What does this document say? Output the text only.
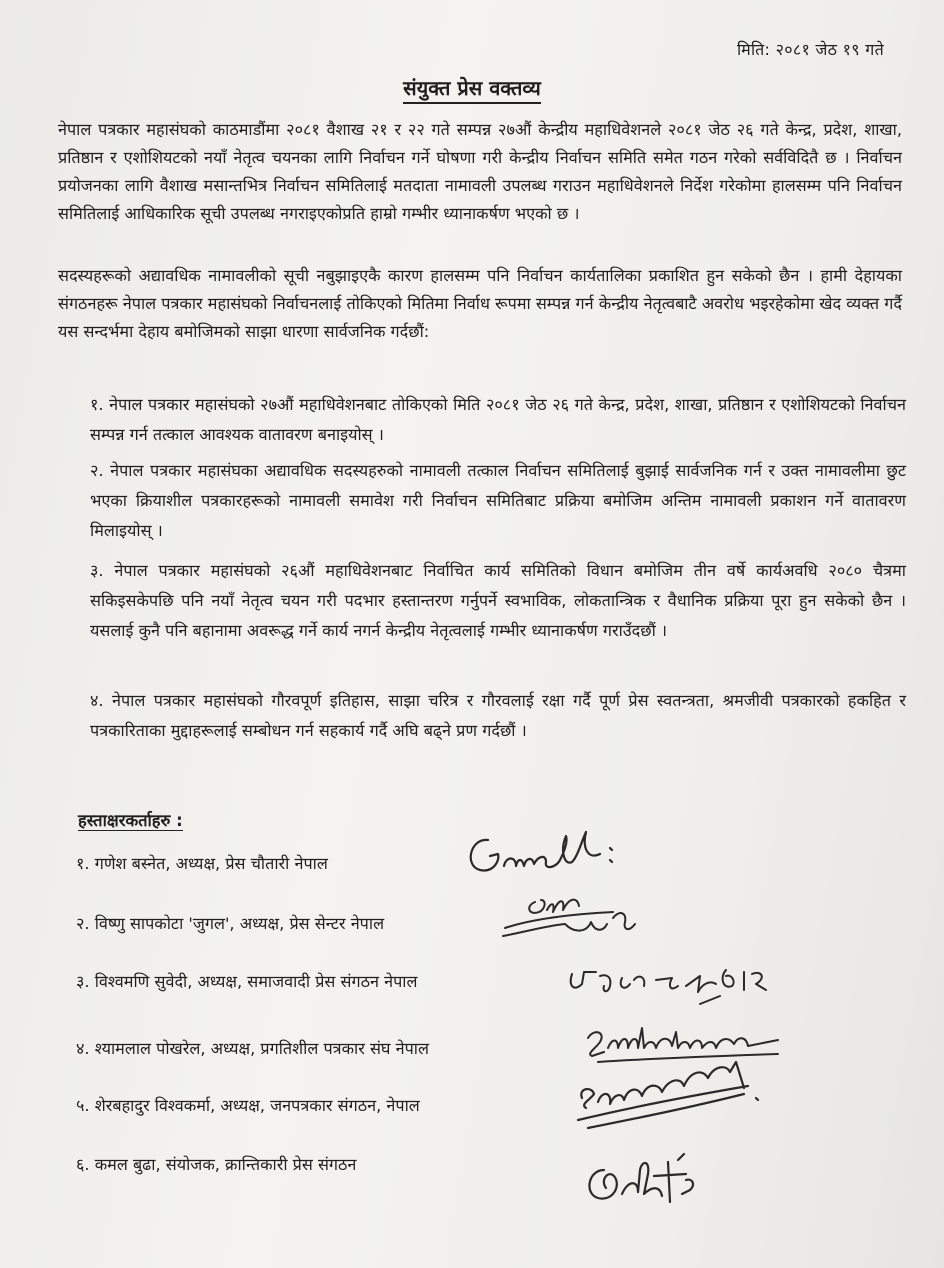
मिति: २०८१ जेठ १९ गते
संयुक्त प्रेस वक्तव्य
नेपाल पत्रकार महासंघको काठमाडौंमा २०८१ वैशाख २१ र २२ गते सम्पन्न २७औं केन्द्रीय महाधिवेशनले २०८१ जेठ २६ गते केन्द्र, प्रदेश, शाखा, प्रतिष्ठान र एशोशियटको नयाँ नेतृत्व चयनका लागि निर्वाचन गर्ने घोषणा गरी केन्द्रीय निर्वाचन समिति समेत गठन गरेको सर्वविदितै छ । निर्वाचन प्रयोजनका लागि वैशाख मसान्तभित्र निर्वाचन समितिलाई मतदाता नामावली उपलब्ध गराउन महाधिवेशनले निर्देश गरेकोमा हालसम्म पनि निर्वाचन समितिलाई आधिकारिक सूची उपलब्ध नगराइएकोप्रति हाम्रो गम्भीर ध्यानाकर्षण भएको छ ।
सदस्यहरूको अद्यावधिक नामावलीको सूची नबुझाइएकै कारण हालसम्म पनि निर्वाचन कार्यतालिका प्रकाशित हुन सकेको छैन । हामी देहायका संगठनहरू नेपाल पत्रकार महासंघको निर्वाचनलाई तोकिएको मितिमा निर्वाध रूपमा सम्पन्न गर्न केन्द्रीय नेतृत्वबाटै अवरोध भइरहेकोमा खेद व्यक्त गर्दै यस सन्दर्भमा देहाय बमोजिमको साझा धारणा सार्वजनिक गर्दछौं:
१. नेपाल पत्रकार महासंघको २७औं महाधिवेशनबाट तोकिएको मिति २०८१ जेठ २६ गते केन्द्र, प्रदेश, शाखा, प्रतिष्ठान र एशोशियटको निर्वाचन सम्पन्न गर्न तत्काल आवश्यक वातावरण बनाइयोस् ।
२. नेपाल पत्रकार महासंघका अद्यावधिक सदस्यहरुको नामावली तत्काल निर्वाचन समितिलाई बुझाई सार्वजनिक गर्न र उक्त नामावलीमा छुट भएका क्रियाशील पत्रकारहरूको नामावली समावेश गरी निर्वाचन समितिबाट प्रक्रिया बमोजिम अन्तिम नामावली प्रकाशन गर्ने वातावरण मिलाइयोस् ।
३. नेपाल पत्रकार महासंघको २६औं महाधिवेशनबाट निर्वाचित कार्य समितिको विधान बमोजिम तीन वर्षे कार्यअवधि २०८० चैत्रमा सकिइसकेपछि पनि नयाँ नेतृत्व चयन गरी पदभार हस्तान्तरण गर्नुपर्ने स्वभाविक, लोकतान्त्रिक र वैधानिक प्रक्रिया पूरा हुन सकेको छैन । यसलाई कुनै पनि बहानामा अवरूद्ध गर्ने कार्य नगर्न केन्द्रीय नेतृत्वलाई गम्भीर ध्यानाकर्षण गराउँदछौं ।
४. नेपाल पत्रकार महासंघको गौरवपूर्ण इतिहास, साझा चरित्र र गौरवलाई रक्षा गर्दै पूर्ण प्रेस स्वतन्त्रता, श्रमजीवी पत्रकारको हकहित र पत्रकारिताका मुद्दाहरूलाई सम्बोधन गर्न सहकार्य गर्दै अघि बढ्ने प्रण गर्दछौं ।
हस्ताक्षरकर्ताहरु :
१. गणेश बस्नेत, अध्यक्ष, प्रेस चौतारी नेपाल
२. विष्णु सापकोटा 'जुगल', अध्यक्ष, प्रेस सेन्टर नेपाल
३. विश्वमणि सुवेदी, अध्यक्ष, समाजवादी प्रेस संगठन नेपाल
४. श्यामलाल पोखरेल, अध्यक्ष, प्रगतिशील पत्रकार संघ नेपाल
५. शेरबहादुर विश्वकर्मा, अध्यक्ष, जनपत्रकार संगठन, नेपाल
६. कमल बुढा, संयोजक, क्रान्तिकारी प्रेस संगठन
